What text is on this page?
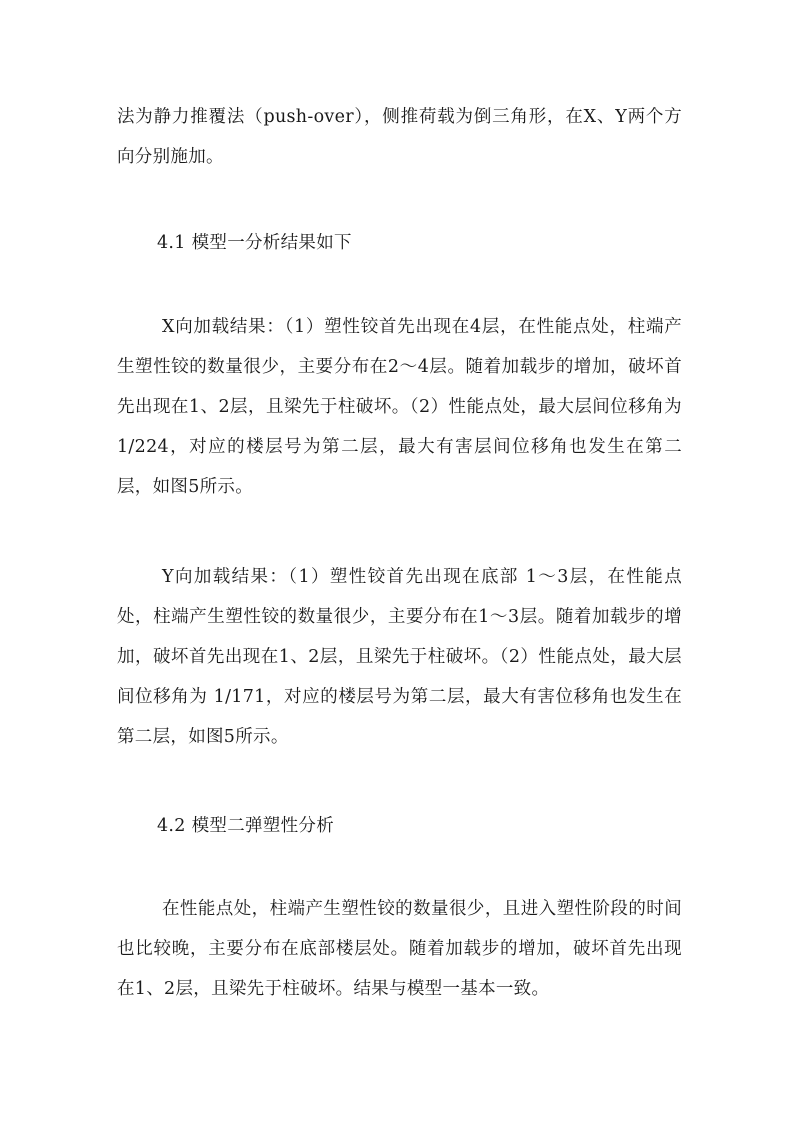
法为静力推覆法（push-over），侧推荷载为倒三角形，在X、Y两个方向分别施加。

4.1 模型一分析结果如下

X向加载结果：（1）塑性铰首先出现在4层，在性能点处，柱端产生塑性铰的数量很少，主要分布在2～4层。随着加载步的增加，破坏首先出现在1、2层，且梁先于柱破坏。（2）性能点处，最大层间位移角为 1/224，对应的楼层号为第二层，最大有害层间位移角也发生在第二层，如图5所示。

Y向加载结果：（1）塑性铰首先出现在底部 1～3层，在性能点处，柱端产生塑性铰的数量很少，主要分布在1～3层。随着加载步的增加，破坏首先出现在1、2层，且梁先于柱破坏。（2）性能点处，最大层间位移角为 1/171，对应的楼层号为第二层，最大有害位移角也发生在第二层，如图5所示。

4.2 模型二弹塑性分析

在性能点处，柱端产生塑性铰的数量很少，且进入塑性阶段的时间也比较晚，主要分布在底部楼层处。随着加载步的增加，破坏首先出现在1、2层，且梁先于柱破坏。结果与模型一基本一致。
